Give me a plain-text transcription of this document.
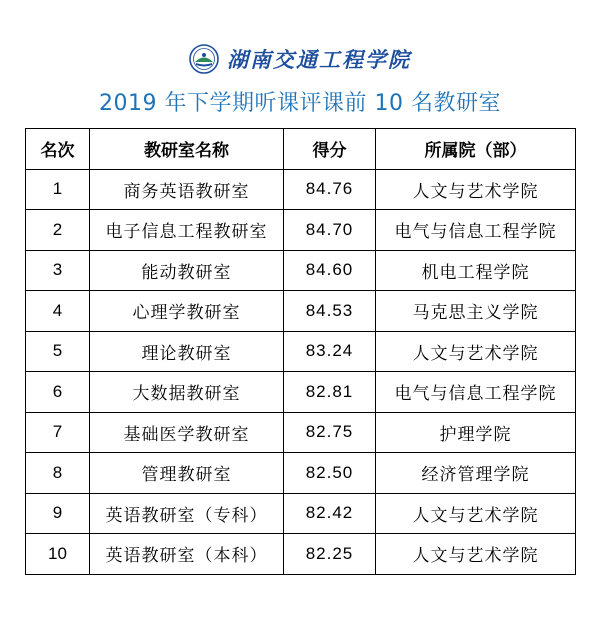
湖南交通工程学院
2019 年下学期听课评课前 10 名教研室
名次	教研室名称	得分	所属院（部）
1	商务英语教研室	84.76	人文与艺术学院
2	电子信息工程教研室	84.70	电气与信息工程学院
3	能动教研室	84.60	机电工程学院
4	心理学教研室	84.53	马克思主义学院
5	理论教研室	83.24	人文与艺术学院
6	大数据教研室	82.81	电气与信息工程学院
7	基础医学教研室	82.75	护理学院
8	管理教研室	82.50	经济管理学院
9	英语教研室（专科）	82.42	人文与艺术学院
10	英语教研室（本科）	82.25	人文与艺术学院
